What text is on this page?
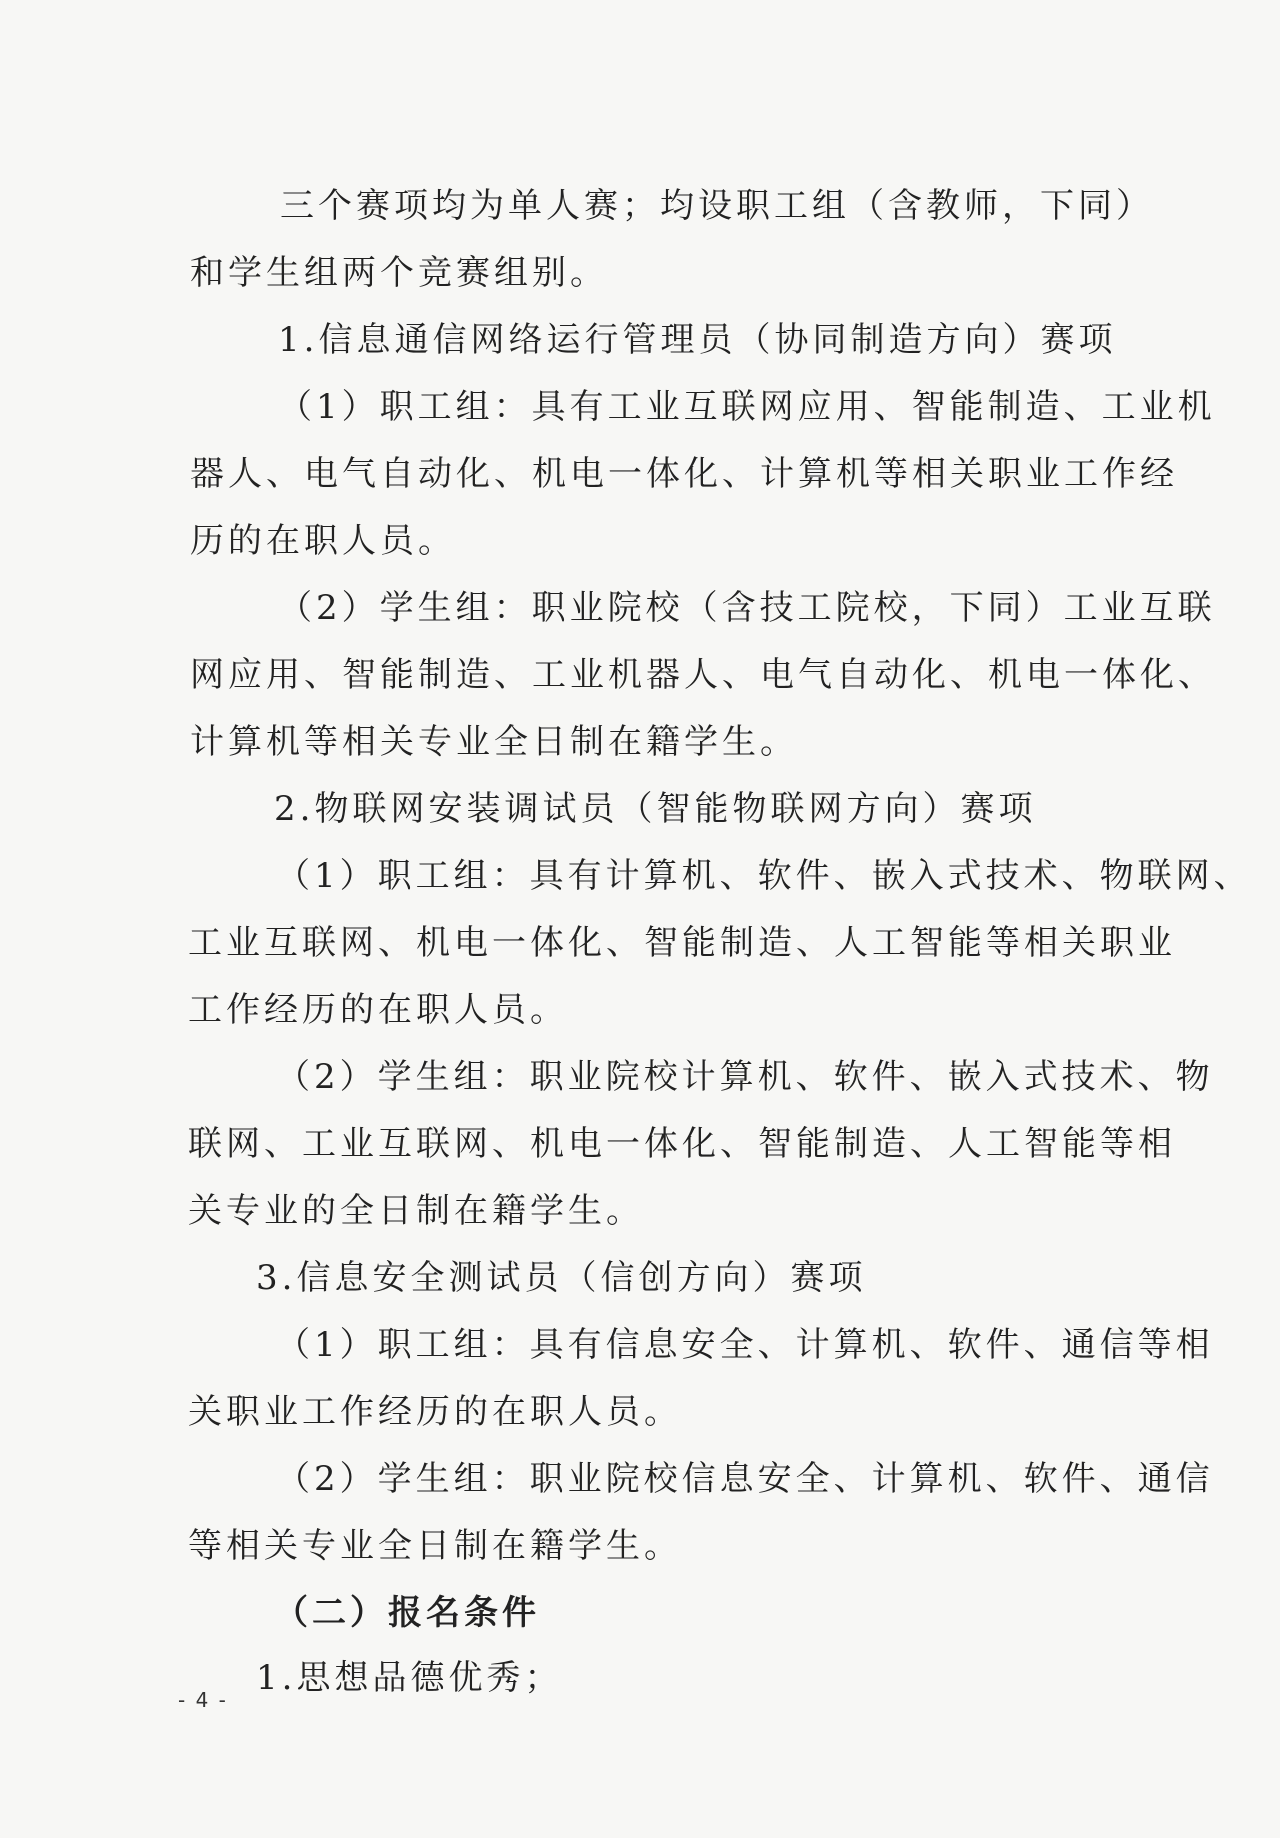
三个赛项均为单人赛；均设职工组（含教师，下同）
和学生组两个竞赛组别。
1.信息通信网络运行管理员（协同制造方向）赛项
（1）职工组：具有工业互联网应用、智能制造、工业机
器人、电气自动化、机电一体化、计算机等相关职业工作经
历的在职人员。
（2）学生组：职业院校（含技工院校，下同）工业互联
网应用、智能制造、工业机器人、电气自动化、机电一体化、
计算机等相关专业全日制在籍学生。
2.物联网安装调试员（智能物联网方向）赛项
（1）职工组：具有计算机、软件、嵌入式技术、物联网、
工业互联网、机电一体化、智能制造、人工智能等相关职业
工作经历的在职人员。
（2）学生组：职业院校计算机、软件、嵌入式技术、物
联网、工业互联网、机电一体化、智能制造、人工智能等相
关专业的全日制在籍学生。
3.信息安全测试员（信创方向）赛项
（1）职工组：具有信息安全、计算机、软件、通信等相
关职业工作经历的在职人员。
（2）学生组：职业院校信息安全、计算机、软件、通信
等相关专业全日制在籍学生。
（二）报名条件
1.思想品德优秀；
- 4 -
